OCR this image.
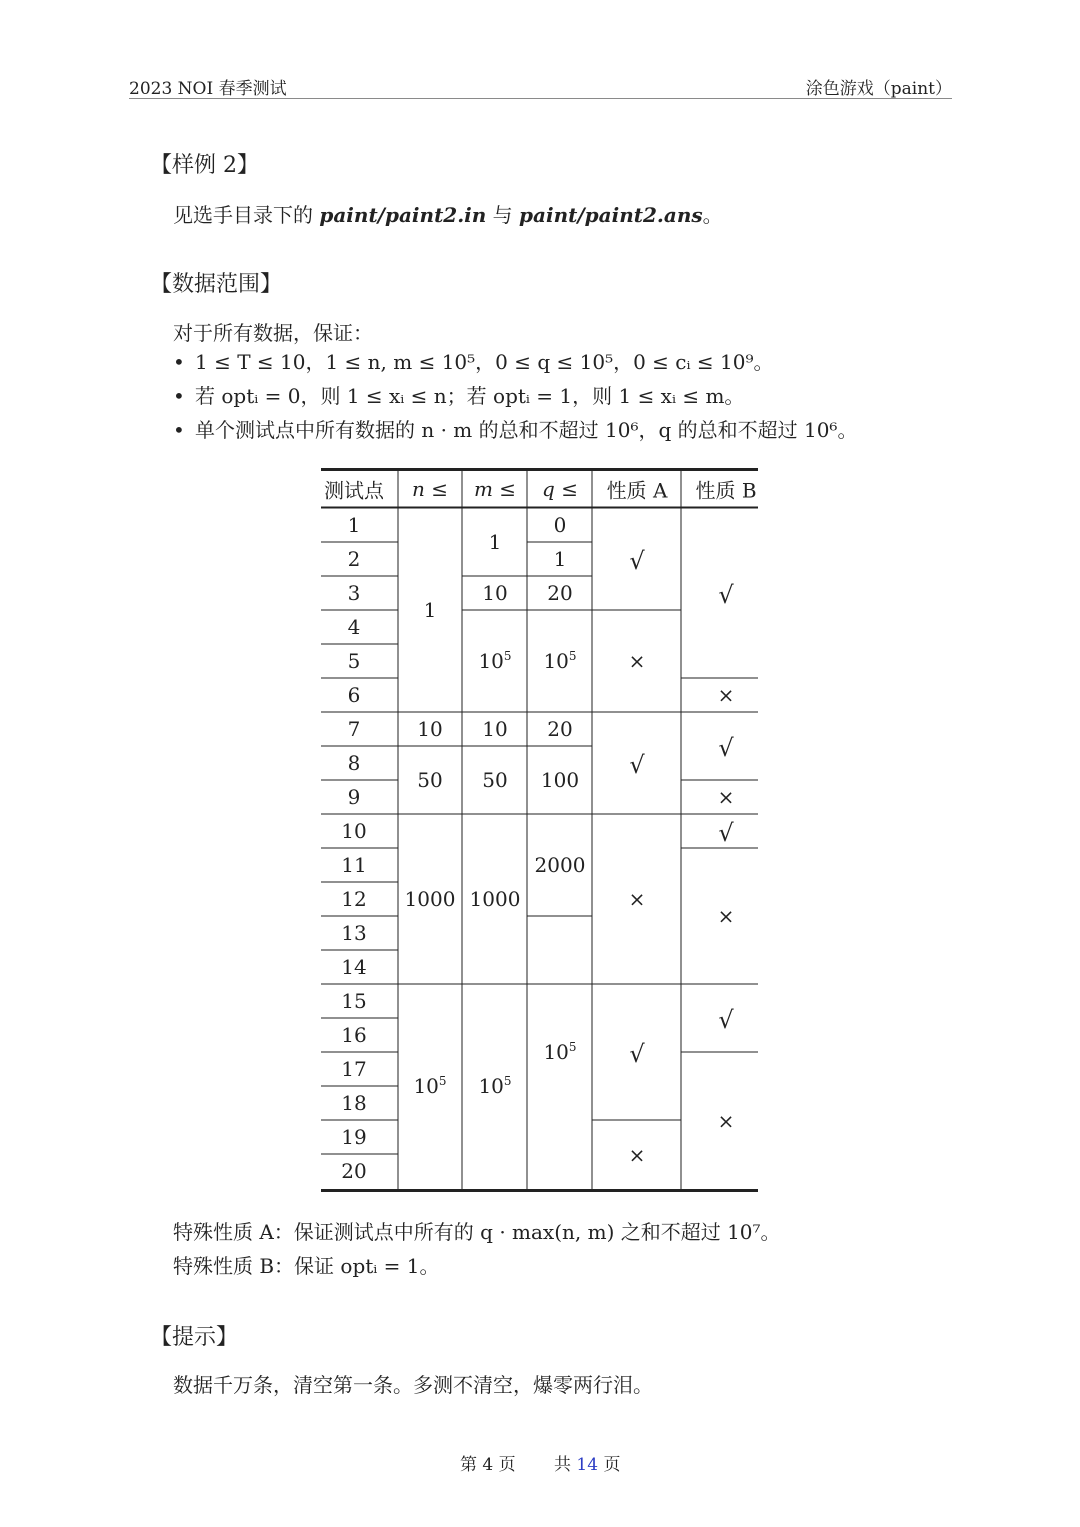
2023 NOI 春季测试	涂色游戏（paint）
【样例 2】
见选手目录下的 paint/paint2.in 与 paint/paint2.ans。
【数据范围】
对于所有数据，保证：
• 1 ≤ T ≤ 10，1 ≤ n, m ≤ 10⁵，0 ≤ q ≤ 10⁵，0 ≤ cᵢ ≤ 10⁹。
• 若 optᵢ = 0，则 1 ≤ xᵢ ≤ n；若 optᵢ = 1，则 1 ≤ xᵢ ≤ m。
• 单个测试点中所有数据的 n · m 的总和不超过 10⁶，q 的总和不超过 10⁶。
测试点 n ≤ m ≤ q ≤ 性质 A 性质 B
1
2
3
4
5
6
7
8
9
10
11
12
13
14
15
16
17
18
19
20
1
10
50
1000
$10^5$
1
10
$10^5$
10
50
1000
$10^5$
0
1
20
$10^5$
20
100
2000
$10^5$
√
×
√
×
√
×
√
×
√
×
√
×
√
×
特殊性质 A：保证测试点中所有的 q · max(n, m) 之和不超过 10⁷。
特殊性质 B：保证 optᵢ = 1。
【提示】
数据千万条，清空第一条。多测不清空，爆零两行泪。
第 4 页 共 14 页
